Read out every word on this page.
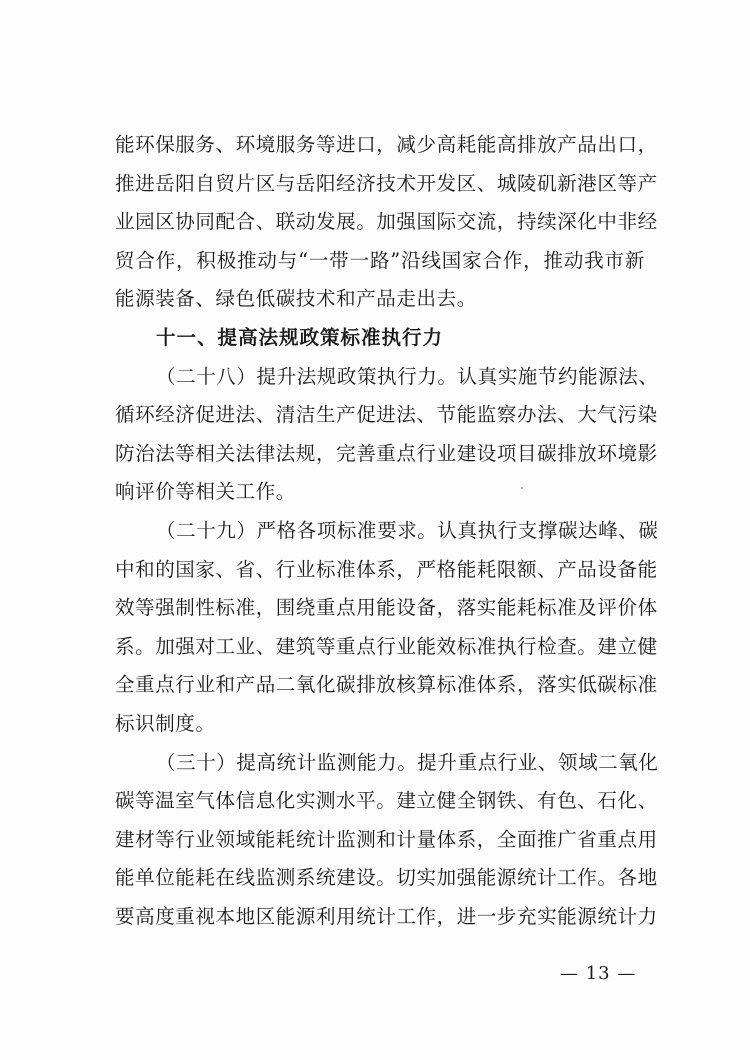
能环保服务、环境服务等进口，减少高耗能高排放产品出口，
推进岳阳自贸片区与岳阳经济技术开发区、城陵矶新港区等产
业园区协同配合、联动发展。加强国际交流，持续深化中非经
贸合作，积极推动与“一带一路”沿线国家合作，推动我市新
能源装备、绿色低碳技术和产品走出去。
十一、提高法规政策标准执行力
（二十八）提升法规政策执行力。认真实施节约能源法、
循环经济促进法、清洁生产促进法、节能监察办法、大气污染
防治法等相关法律法规，完善重点行业建设项目碳排放环境影
响评价等相关工作。
（二十九）严格各项标准要求。认真执行支撑碳达峰、碳
中和的国家、省、行业标准体系，严格能耗限额、产品设备能
效等强制性标准，围绕重点用能设备，落实能耗标准及评价体
系。加强对工业、建筑等重点行业能效标准执行检查。建立健
全重点行业和产品二氧化碳排放核算标准体系，落实低碳标准
标识制度。
（三十）提高统计监测能力。提升重点行业、领域二氧化
碳等温室气体信息化实测水平。建立健全钢铁、有色、石化、
建材等行业领域能耗统计监测和计量体系，全面推广省重点用
能单位能耗在线监测系统建设。切实加强能源统计工作。各地
要高度重视本地区能源利用统计工作，进一步充实能源统计力
— 13 —
